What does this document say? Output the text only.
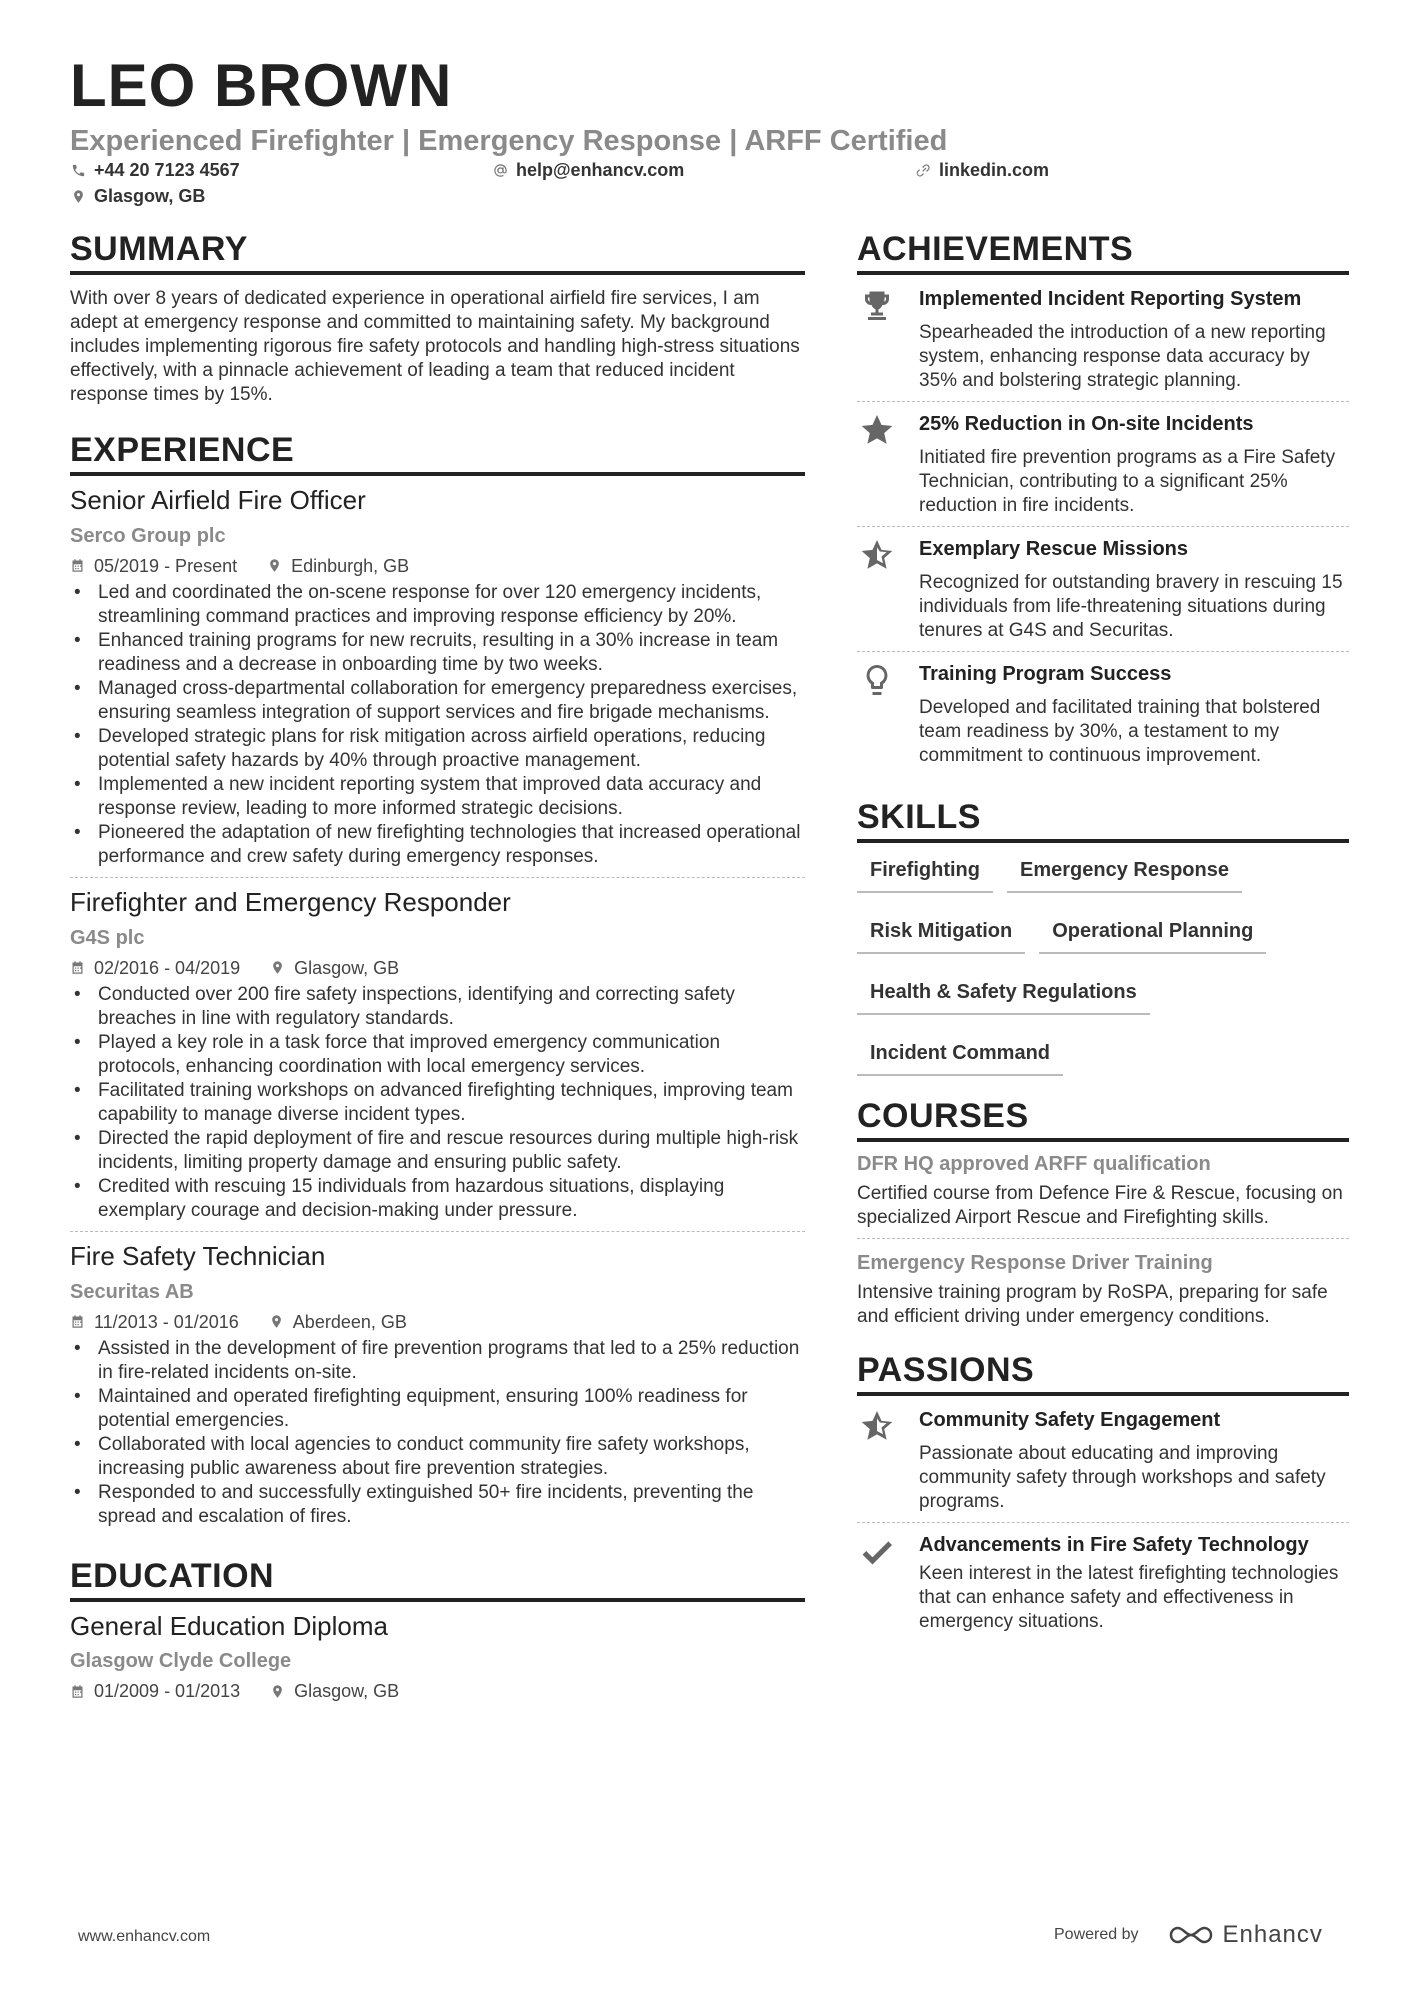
LEO BROWN
Experienced Firefighter | Emergency Response | ARFF Certified
+44 20 7123 4567	help@enhancv.com	linkedin.com
Glasgow, GB
SUMMARY

With over 8 years of dedicated experience in operational airfield fire services, I am adept at emergency response and committed to maintaining safety. My background includes implementing rigorous fire safety protocols and handling high-stress situations effectively, with a pinnacle achievement of leading a team that reduced incident response times by 15%.

EXPERIENCE
Senior Airfield Fire Officer
Serco Group plc
05/2019 - Present	Edinburgh, GB
• Led and coordinated the on-scene response for over 120 emergency incidents, streamlining command practices and improving response efficiency by 20%.
• Enhanced training programs for new recruits, resulting in a 30% increase in team readiness and a decrease in onboarding time by two weeks.
• Managed cross-departmental collaboration for emergency preparedness exercises, ensuring seamless integration of support services and fire brigade mechanisms.
• Developed strategic plans for risk mitigation across airfield operations, reducing potential safety hazards by 40% through proactive management.
• Implemented a new incident reporting system that improved data accuracy and response review, leading to more informed strategic decisions.
• Pioneered the adaptation of new firefighting technologies that increased operational performance and crew safety during emergency responses.
Firefighter and Emergency Responder
G4S plc
02/2016 - 04/2019	Glasgow, GB
• Conducted over 200 fire safety inspections, identifying and correcting safety breaches in line with regulatory standards.
• Played a key role in a task force that improved emergency communication protocols, enhancing coordination with local emergency services.
• Facilitated training workshops on advanced firefighting techniques, improving team capability to manage diverse incident types.
• Directed the rapid deployment of fire and rescue resources during multiple high-risk incidents, limiting property damage and ensuring public safety.
• Credited with rescuing 15 individuals from hazardous situations, displaying exemplary courage and decision-making under pressure.
Fire Safety Technician
Securitas AB
11/2013 - 01/2016	Aberdeen, GB
• Assisted in the development of fire prevention programs that led to a 25% reduction in fire-related incidents on-site.
• Maintained and operated firefighting equipment, ensuring 100% readiness for potential emergencies.
• Collaborated with local agencies to conduct community fire safety workshops, increasing public awareness about fire prevention strategies.
• Responded to and successfully extinguished 50+ fire incidents, preventing the spread and escalation of fires.
EDUCATION
General Education Diploma
Glasgow Clyde College
01/2009 - 01/2013	Glasgow, GB
ACHIEVEMENTS
Implemented Incident Reporting System
Spearheaded the introduction of a new reporting system, enhancing response data accuracy by 35% and bolstering strategic planning.
25% Reduction in On-site Incidents
Initiated fire prevention programs as a Fire Safety Technician, contributing to a significant 25% reduction in fire incidents.
Exemplary Rescue Missions
Recognized for outstanding bravery in rescuing 15 individuals from life-threatening situations during tenures at G4S and Securitas.
Training Program Success
Developed and facilitated training that bolstered team readiness by 30%, a testament to my commitment to continuous improvement.
SKILLS
Firefighting	Emergency Response
Risk Mitigation	Operational Planning
Health & Safety Regulations
Incident Command
COURSES
DFR HQ approved ARFF qualification
Certified course from Defence Fire & Rescue, focusing on specialized Airport Rescue and Firefighting skills.
Emergency Response Driver Training
Intensive training program by RoSPA, preparing for safe and efficient driving under emergency conditions.
PASSIONS
Community Safety Engagement
Passionate about educating and improving community safety through workshops and safety programs.
Advancements in Fire Safety Technology
Keen interest in the latest firefighting technologies that can enhance safety and effectiveness in emergency situations.
www.enhancv.com	Powered by	Enhancv
